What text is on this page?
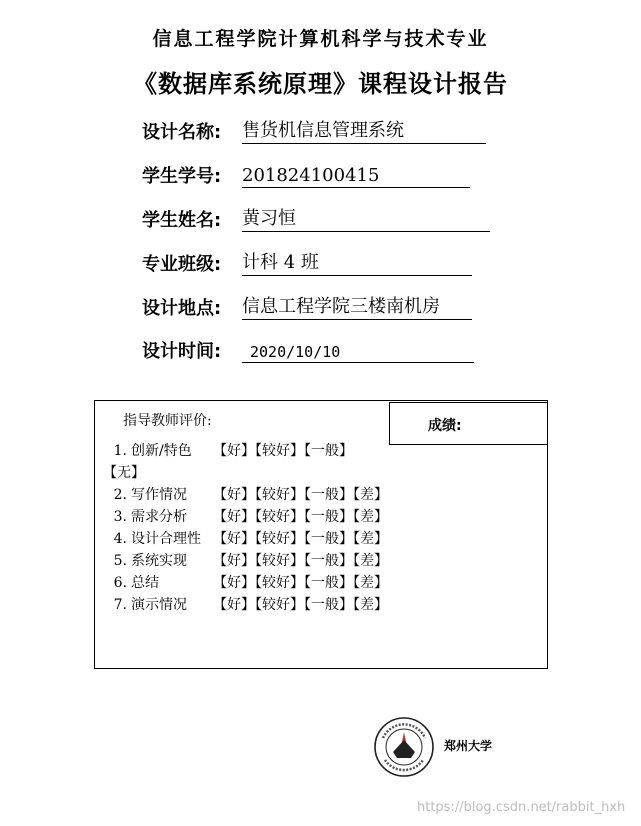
信息工程学院计算机科学与技术专业
《数据库系统原理》课程设计报告
设计名称:	售货机信息管理系统
学生学号:	201824100415
学生姓名:	黄习恒
专业班级:	计科 4 班
设计地点:	信息工程学院三楼南机房
设计时间:	2020/10/10
成绩:
指导教师评价:
1. 创新/特色 【好】【较好】【一般】
【无】
2. 写作情况 【好】【较好】【一般】【差】
3. 需求分析 【好】【较好】【一般】【差】
4. 设计合理性 【好】【较好】【一般】【差】
5. 系统实现 【好】【较好】【一般】【差】
6. 总结	【好】【较好】【一般】【差】
7. 演示情况 【好】【较好】【一般】【差】
郑州大学
https://blog.csdn.net/rabbit_hxh
